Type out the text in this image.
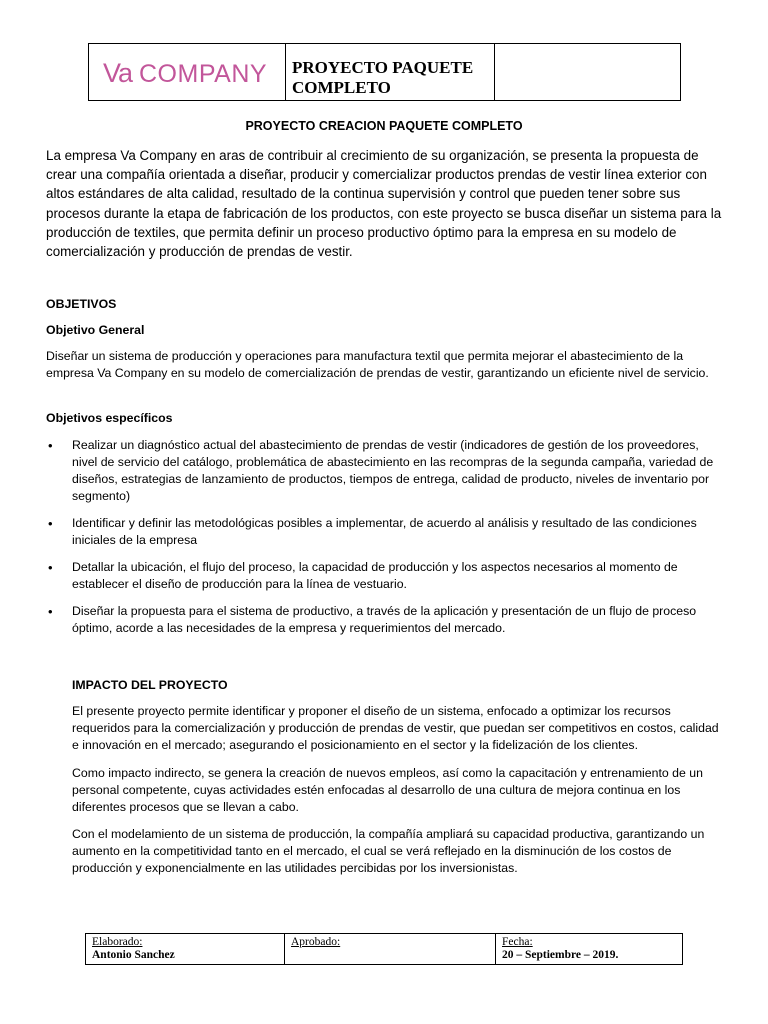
Va COMPANY PROYECTO PAQUETE
COMPLETO
PROYECTO CREACION PAQUETE COMPLETO

La empresa Va Company en aras de contribuir al crecimiento de su organización, se presenta la propuesta de crear una compañía orientada a diseñar, producir y comercializar productos prendas de vestir línea exterior con altos estándares de alta calidad, resultado de la continua supervisión y control que pueden tener sobre sus procesos durante la etapa de fabricación de los productos, con este proyecto se busca diseñar un sistema para la producción de textiles, que permita definir un proceso productivo óptimo para la empresa en su modelo de comercialización y producción de prendas de vestir.

OBJETIVOS

Objetivo General

Diseñar un sistema de producción y operaciones para manufactura textil que permita mejorar el abastecimiento de la empresa Va Company en su modelo de comercialización de prendas de vestir, garantizando un eficiente nivel de servicio.

Objetivos específicos

• Realizar un diagnóstico actual del abastecimiento de prendas de vestir (indicadores de gestión de los proveedores, nivel de servicio del catálogo, problemática de abastecimiento en las recompras de la segunda campaña, variedad de diseños, estrategias de lanzamiento de productos, tiempos de entrega, calidad de producto, niveles de inventario por segmento)
• Identificar y definir las metodológicas posibles a implementar, de acuerdo al análisis y resultado de las condiciones iniciales de la empresa
• Detallar la ubicación, el flujo del proceso, la capacidad de producción y los aspectos necesarios al momento de establecer el diseño de producción para la línea de vestuario.
• Diseñar la propuesta para el sistema de productivo, a través de la aplicación y presentación de un flujo de proceso óptimo, acorde a las necesidades de la empresa y requerimientos del mercado.

IMPACTO DEL PROYECTO

El presente proyecto permite identificar y proponer el diseño de un sistema, enfocado a optimizar los recursos requeridos para la comercialización y producción de prendas de vestir, que puedan ser competitivos en costos, calidad e innovación en el mercado; asegurando el posicionamiento en el sector y la fidelización de los clientes.

Como impacto indirecto, se genera la creación de nuevos empleos, así como la capacitación y entrenamiento de un personal competente, cuyas actividades estén enfocadas al desarrollo de una cultura de mejora continua en los diferentes procesos que se llevan a cabo.

Con el modelamiento de un sistema de producción, la compañía ampliará su capacidad productiva, garantizando un aumento en la competitividad tanto en el mercado, el cual se verá reflejado en la disminución de los costos de producción y exponencialmente en las utilidades percibidas por los inversionistas.

Elaborado:
Antonio Sanchez
Aprobado:	Fecha:
20 – Septiembre – 2019.
